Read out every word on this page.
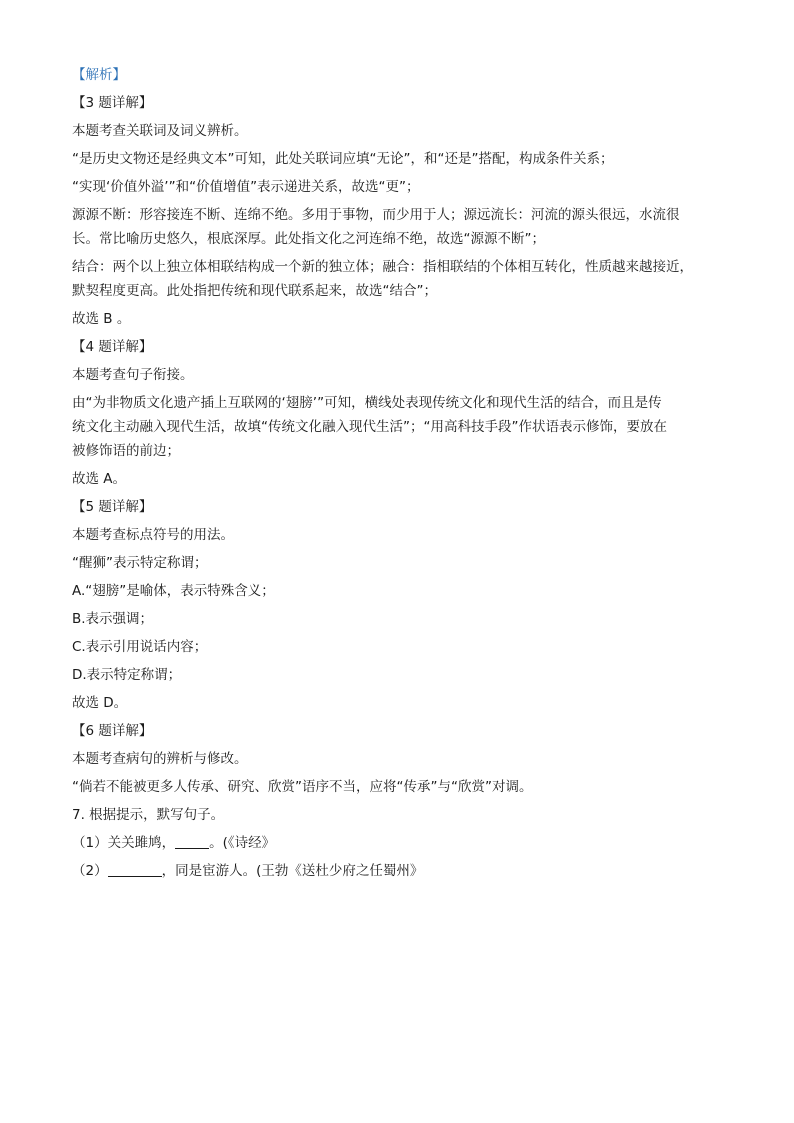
【解析】

【3 题详解】

本题考查关联词及词义辨析。

“是历史文物还是经典文本”可知，此处关联词应填“无论”，和“还是”搭配，构成条件关系；

“实现‘价值外溢’”和“价值增值”表示递进关系，故选“更”；

源源不断：形容接连不断、连绵不绝。多用于事物，而少用于人；源远流长：河流的源头很远，水流很

长。常比喻历史悠久，根底深厚。此处指文化之河连绵不绝，故选“源源不断”；

结合：两个以上独立体相联结构成一个新的独立体；融合：指相联结的个体相互转化，性质越来越接近，

默契程度更高。此处指把传统和现代联系起来，故选“结合”；

故选 B 。

【4 题详解】

本题考查句子衔接。

由“为非物质文化遗产插上互联网的‘翅膀’”可知，横线处表现传统文化和现代生活的结合，而且是传

统文化主动融入现代生活，故填“传统文化融入现代生活”；“用高科技手段”作状语表示修饰，要放在

被修饰语的前边；

故选 A。

【5 题详解】

本题考查标点符号的用法。

“醒狮”表示特定称谓；

A.“翅膀”是喻体，表示特殊含义；

B.表示强调；

C.表示引用说话内容；

D.表示特定称谓；

故选 D。

【6 题详解】

本题考查病句的辨析与修改。

“倘若不能被更多人传承、研究、欣赏”语序不当，应将“传承”与“欣赏”对调。

7. 根据提示，默写句子。

（1）关关雎鸠，	。(《诗经》

（2）	，同是宦游人。(王勃《送杜少府之任蜀州》
